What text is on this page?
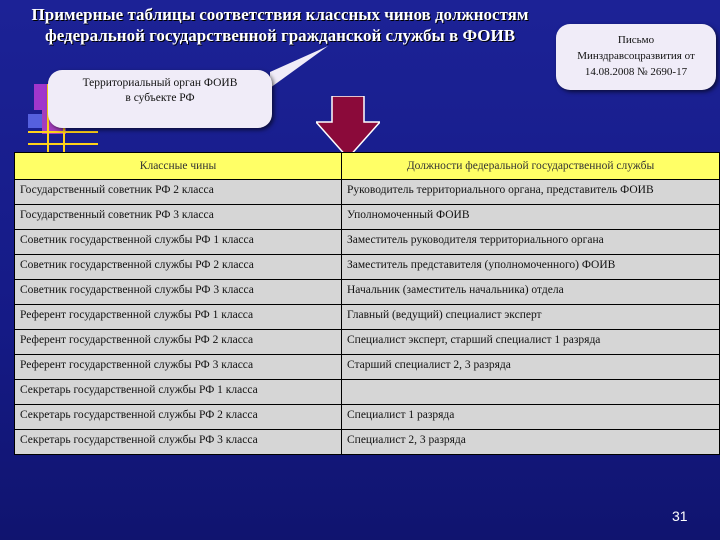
Примерные таблицы соответствия классных чинов должностям
федеральной государственной гражданской службы в ФОИВ	Письмо
Минздравсоцразвития от
14.08.2008 № 2690-17
Территориальный орган ФОИВ
в субъекте РФ
Классные чины	Должности федеральной государственной службы
Государственный советник РФ 2 класса	Руководитель территориального органа, представитель ФОИВ
Государственный советник РФ 3 класса	Уполномоченный ФОИВ
Советник государственной службы РФ 1 класса	Заместитель руководителя территориального органа
Советник государственной службы РФ 2 класса	Заместитель представителя (уполномоченного) ФОИВ
Советник государственной службы РФ 3 класса	Начальник (заместитель начальника) отдела
Референт государственной службы РФ 1 класса	Главный (ведущий) специалист эксперт
Референт государственной службы РФ 2 класса	Специалист эксперт, старший специалист 1 разряда
Референт государственной службы РФ 3 класса	Старший специалист 2, 3 разряда
Секретарь государственной службы РФ 1 класса	
Секретарь государственной службы РФ 2 класса	Специалист 1 разряда
Секретарь государственной службы РФ 3 класса	Специалист 2, 3 разряда
31
